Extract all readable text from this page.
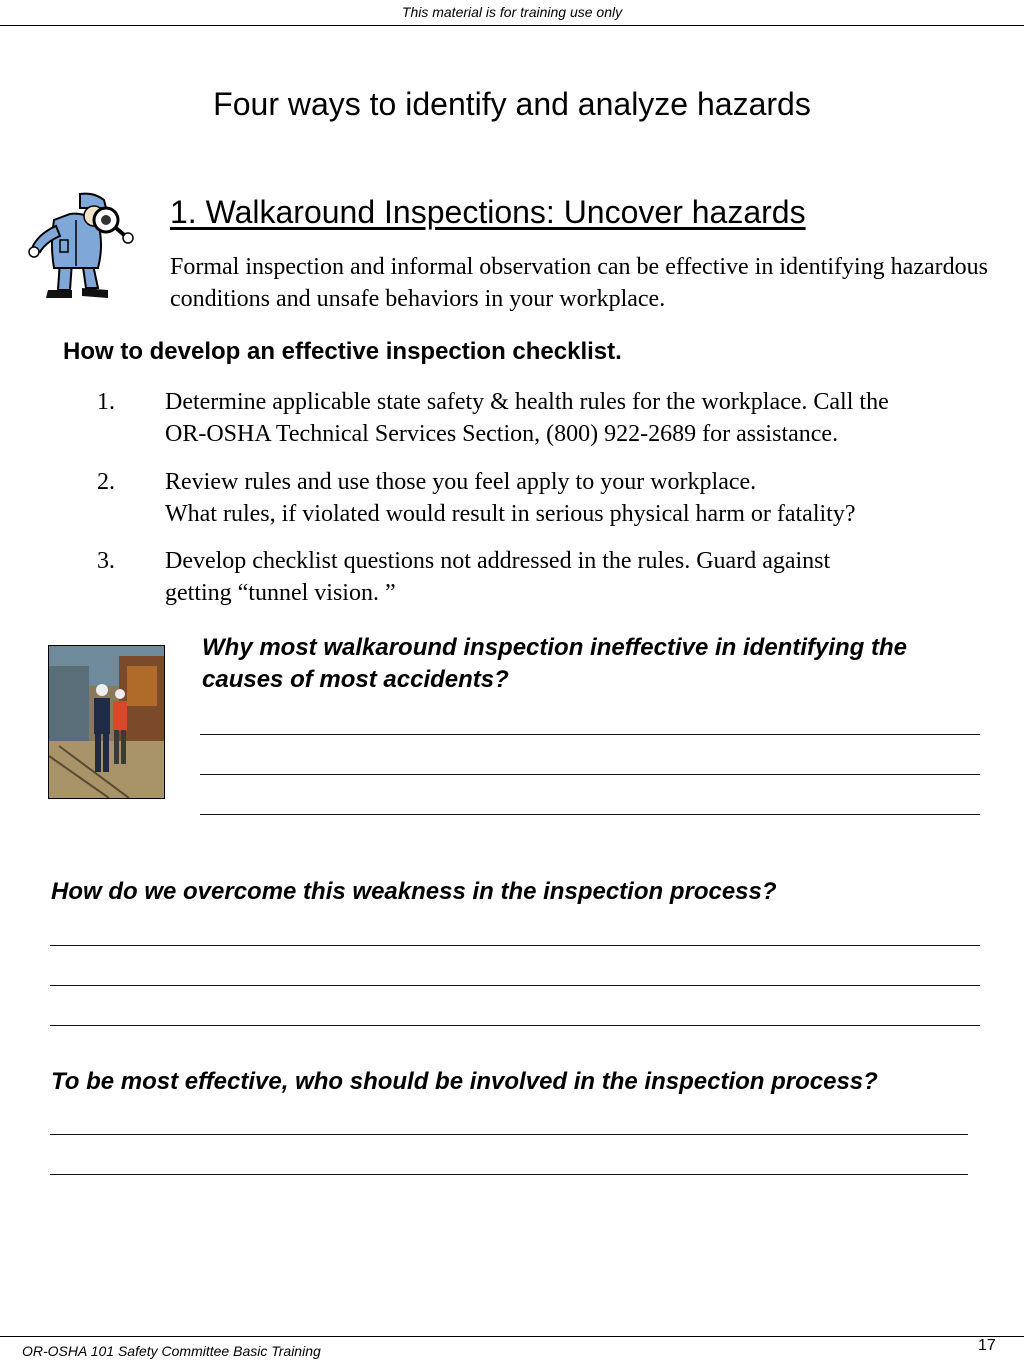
This material is for training use only
Four ways to identify and analyze hazards
1. Walkaround Inspections: Uncover hazards
Formal inspection and informal observation can be effective in identifying hazardous conditions and unsafe behaviors in your workplace.
How to develop an effective inspection checklist.
1. Determine applicable state safety & health rules for the workplace. Call the
OR-OSHA Technical Services Section, (800) 922-2689 for assistance.
2. Review rules and use those you feel apply to your workplace.
What rules, if violated would result in serious physical harm or fatality?
3. Develop checklist questions not addressed in the rules. Guard against
getting “tunnel vision. ”
Why most walkaround inspection ineffective in identifying the
causes of most accidents?
How do we overcome this weakness in the inspection process?
To be most effective, who should be involved in the inspection process?
OR-OSHA 101 Safety Committee Basic Training	17
